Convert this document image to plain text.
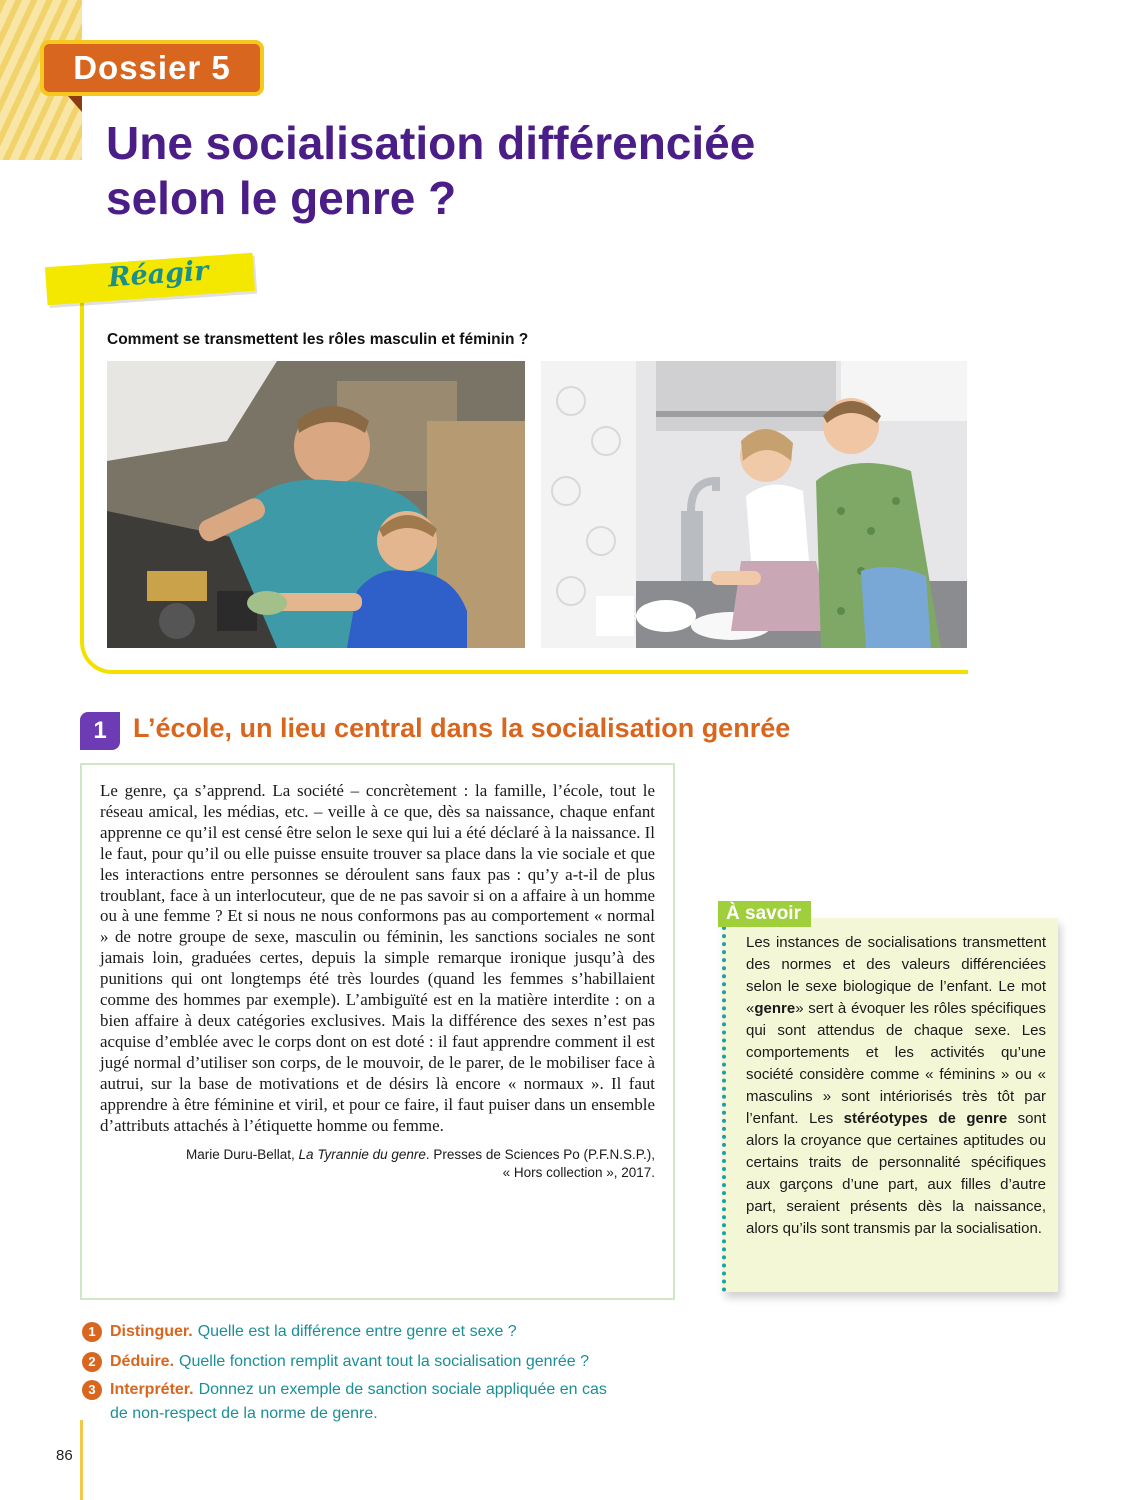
86
Dossier 5
Une socialisation différenciée
selon le genre ?
Réagir
Comment se transmettent les rôles masculin et féminin ?
1 L’école, un lieu central dans la socialisation genrée
Le genre, ça s’apprend. La société – concrètement : la famille, l’école, tout le réseau amical, les médias, etc. – veille à ce que, dès sa naissance, chaque enfant apprenne ce qu’il est censé être selon le sexe qui lui a été déclaré à la naissance. Il le faut, pour qu’il ou elle puisse ensuite trouver sa place dans la vie sociale et que les interactions entre personnes se déroulent sans faux pas : qu’y a-t-il de plus troublant, face à un interlocuteur, que de ne pas savoir si on a affaire à un homme ou à une femme ? Et si nous ne nous conformons pas au comportement « normal » de notre groupe de sexe, masculin ou féminin, les sanctions sociales ne sont jamais loin, graduées certes, depuis la simple remarque ironique jusqu’à des punitions qui ont longtemps été très lourdes (quand les femmes s’habillaient comme des hommes par exemple). L’ambiguïté est en la matière interdite : on a bien affaire à deux catégories exclusives. Mais la différence des sexes n’est pas acquise d’emblée avec le corps dont on est doté : il faut apprendre comment il est jugé normal d’utiliser son corps, de le mouvoir, de le parer, de le mobiliser face à autrui, sur la base de motivations et de désirs là encore « normaux ». Il faut apprendre à être féminine et viril, et pour ce faire, il faut puiser dans un ensemble d’attributs attachés à l’étiquette homme ou femme.
Marie Duru-Bellat, La Tyrannie du genre. Presses de Sciences Po (P.F.N.S.P.),
« Hors collection », 2017.
Les instances de socialisations transmettent des normes et des valeurs différenciées selon le sexe biologique de l’enfant. Le mot «genre» sert à évoquer les rôles spécifiques qui sont attendus de chaque sexe. Les comportements et les activités qu’une société considère comme « féminins » ou « masculins » sont intériorisés très tôt par l’enfant. Les stéréotypes de genre sont alors la croyance que certaines aptitudes ou certains traits de personnalité spécifiques aux garçons d’une part, aux filles d’autre part, seraient présents dès la naissance, alors qu’ils sont transmis par la socialisation.
À savoir
1 Distinguer. Quelle est la différence entre genre et sexe ?
2 Déduire. Quelle fonction remplit avant tout la socialisation genrée ?
3 Interpréter. Donnez un exemple de sanction sociale appliquée en cas de non-respect de la norme de genre.
